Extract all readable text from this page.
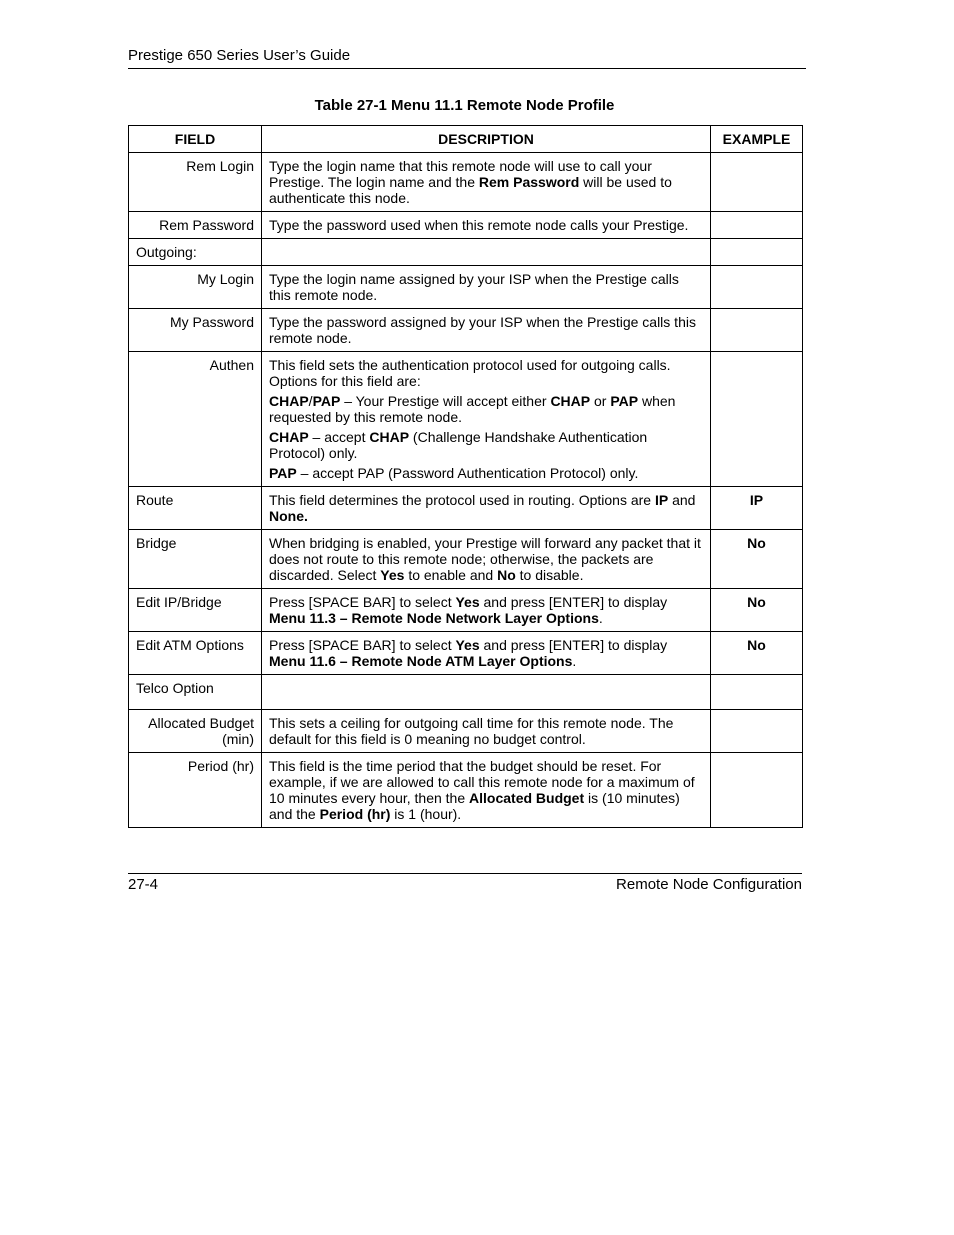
Prestige 650 Series User’s Guide
Table 27-1 Menu 11.1 Remote Node Profile
FIELD	DESCRIPTION	EXAMPLE
Rem Login	Type the login name that this remote node will use to call your Prestige. The login name and the Rem Password will be used to authenticate this node.	

Rem Password	Type the password used when this remote node calls your Prestige.	

Outgoing:		
My Login	Type the login name assigned by your ISP when the Prestige calls this remote node.	

My Password	Type the password assigned by your ISP when the Prestige calls this remote node.	

Authen	This field sets the authentication protocol used for outgoing calls. Options for this field are:

CHAP/PAP – Your Prestige will accept either CHAP or PAP when requested by this remote node.

CHAP – accept CHAP (Challenge Handshake Authentication Protocol) only.

PAP – accept PAP (Password Authentication Protocol) only.	

Route	This field determines the protocol used in routing. Options are IP and None.	IP
Bridge	When bridging is enabled, your Prestige will forward any packet that it does not route to this remote node; otherwise, the packets are discarded. Select Yes to enable and No to disable.	No
Edit IP/Bridge	Press [SPACE BAR] to select Yes and press [ENTER] to display Menu 11.3 – Remote Node Network Layer Options.	No
Edit ATM Options	Press [SPACE BAR] to select Yes and press [ENTER] to display Menu 11.6 – Remote Node ATM Layer Options.	No
Telco Option		
Allocated Budget (min)	This sets a ceiling for outgoing call time for this remote node. The default for this field is 0 meaning no budget control.	

Period (hr)	This field is the time period that the budget should be reset. For example, if we are allowed to call this remote node for a maximum of 10 minutes every hour, then the Allocated Budget is (10 minutes) and the Period (hr) is 1 (hour).	

27-4	Remote Node Configuration
